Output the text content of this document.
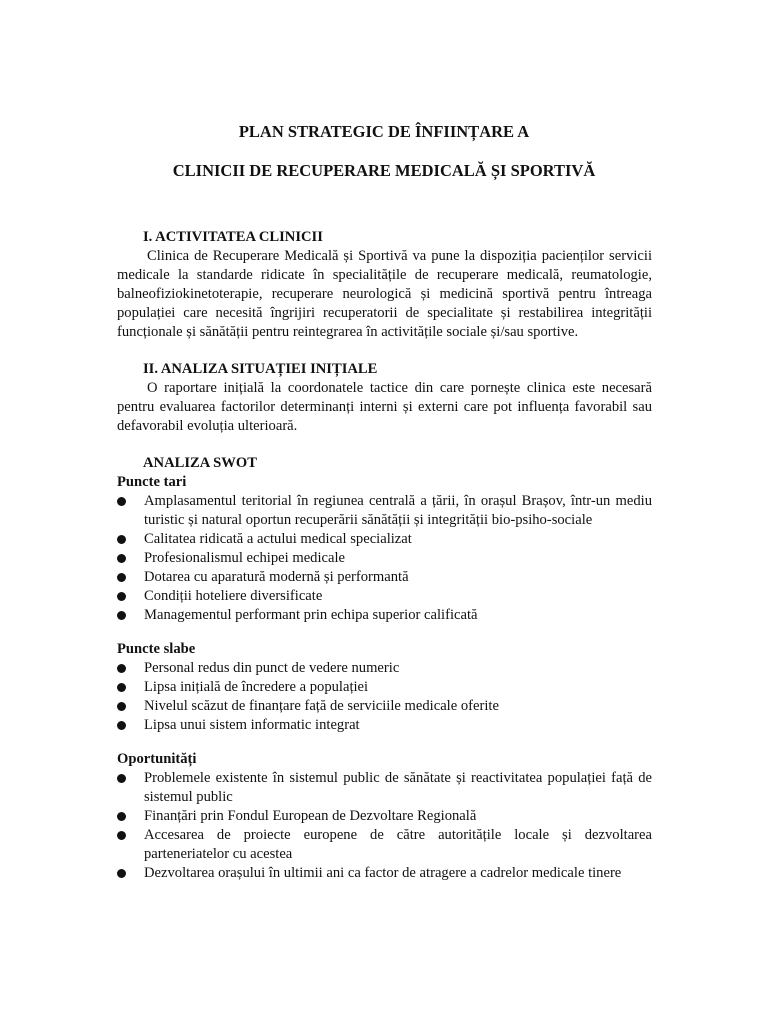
PLAN STRATEGIC DE ÎNFIINȚARE A
CLINICII DE RECUPERARE MEDICALĂ ȘI SPORTIVĂ
I. ACTIVITATEA CLINICII

Clinica de Recuperare Medicală și Sportivă va pune la dispoziția pacienților servicii medicale la standarde ridicate în specialitățile de recuperare medicală, reumatologie, balneofiziokinetoterapie, recuperare neurologică și medicină sportivă pentru întreaga populației care necesită îngrijiri recuperatorii de specialitate și restabilirea integrității funcționale și sănătății pentru reintegrarea în activitățile sociale și/sau sportive.

II. ANALIZA SITUAȚIEI INIȚIALE

O raportare inițială la coordonatele tactice din care pornește clinica este necesară pentru evaluarea factorilor determinanți interni și externi care pot influența favorabil sau defavorabil evoluția ulterioară.

ANALIZA SWOT
Puncte tari
Amplasamentul teritorial în regiunea centrală a țării, în orașul Brașov, într-un mediu turistic și natural oportun recuperării sănătății și integrității bio-psiho-sociale
Calitatea ridicată a actului medical specializat
Profesionalismul echipei medicale
Dotarea cu aparatură modernă și performantă
Condiții hoteliere diversificate
Managementul performant prin echipa superior calificată
Puncte slabe
Personal redus din punct de vedere numeric
Lipsa inițială de încredere a populației
Nivelul scăzut de finanțare față de serviciile medicale oferite
Lipsa unui sistem informatic integrat
Oportunități
Problemele existente în sistemul public de sănătate și reactivitatea populației față de sistemul public
Finanțări prin Fondul European de Dezvoltare Regională
Accesarea de proiecte europene de către autoritățile locale și dezvoltarea parteneriatelor cu acestea
Dezvoltarea orașului în ultimii ani ca factor de atragere a cadrelor medicale tinere
